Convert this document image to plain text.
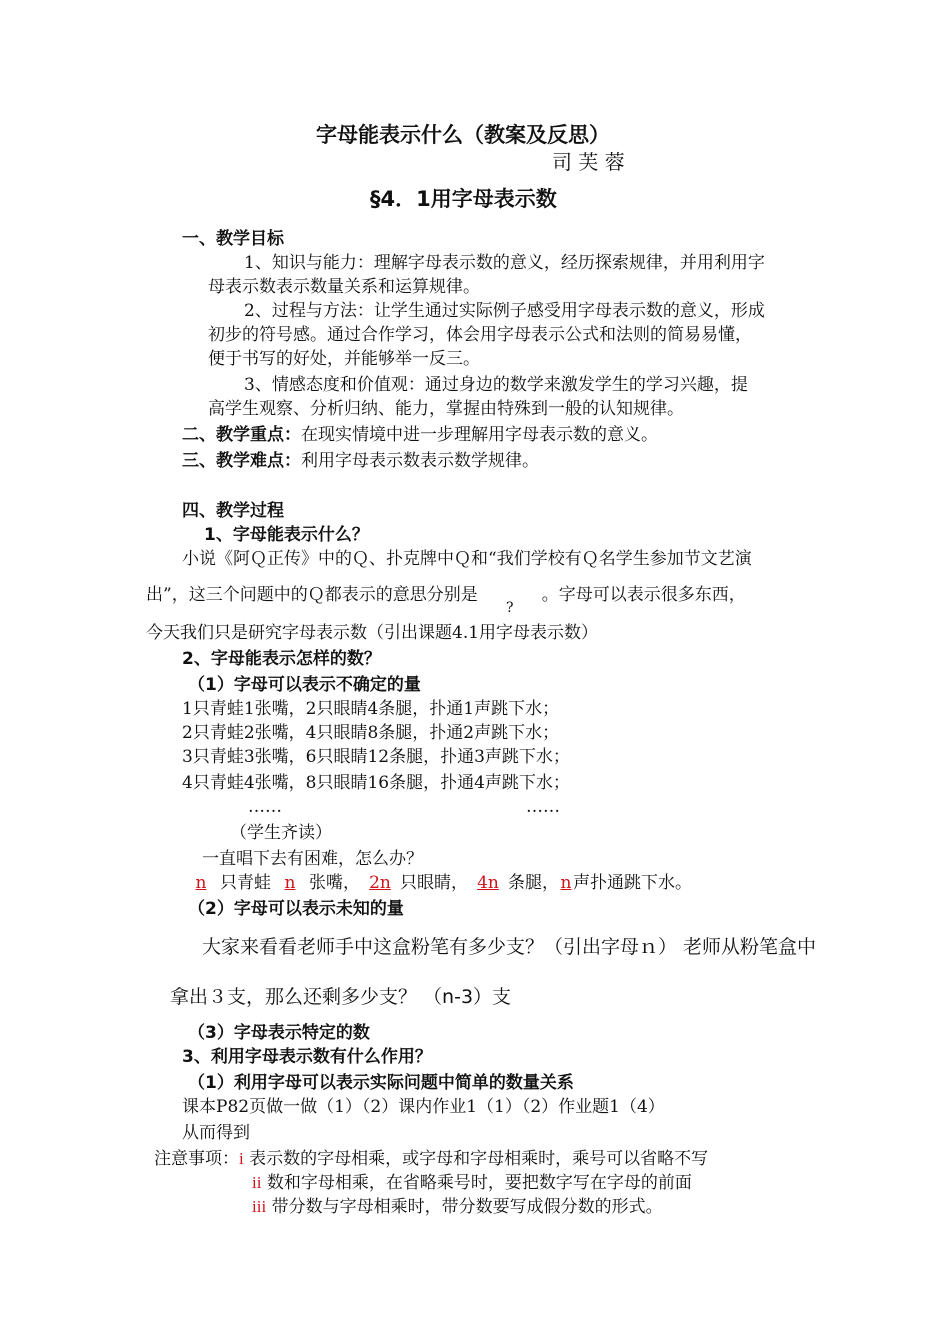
字母能表示什么（教案及反思）
司 芙 蓉
§4．1用字母表示数
一、教学目标
1、知识与能力：理解字母表示数的意义，经历探索规律，并用利用字
母表示数表示数量关系和运算规律。
2、过程与方法：让学生通过实际例子感受用字母表示数的意义，形成
初步的符号感。通过合作学习，体会用字母表示公式和法则的简易易懂，
便于书写的好处，并能够举一反三。
3、情感态度和价值观：通过身边的数学来激发学生的学习兴趣，提
高学生观察、分析归纳、能力，掌握由特殊到一般的认知规律。
二、教学重点：在现实情境中进一步理解用字母表示数的意义。
三、教学难点：利用字母表示数表示数学规律。
四、教学过程
1、字母能表示什么？
小说《阿Ｑ正传》中的Ｑ、扑克牌中Ｑ和“我们学校有Ｑ名学生参加节文艺演
出”，这三个问题中的Ｑ都表示的意思分别是?。字母可以表示很多东西，
今天我们只是研究字母表示数（引出课题4.1用字母表示数）
2、字母能表示怎样的数？
（1）字母可以表示不确定的量
1只青蛙1张嘴，2只眼睛4条腿，扑通1声跳下水；
2只青蛙2张嘴，4只眼睛8条腿，扑通2声跳下水；
3只青蛙3张嘴，6只眼睛12条腿，扑通3声跳下水；
4只青蛙4张嘴，8只眼睛16条腿，扑通4声跳下水；
……	……
（学生齐读）
一直唱下去有困难，怎么办？
n 只青蛙 n 张嘴， 2n 只眼睛， 4n 条腿，n声扑通跳下水。
（2）字母可以表示未知的量
大家来看看老师手中这盒粉笔有多少支？（引出字母ｎ） 老师从粉笔盒中
拿出３支，那么还剩多少支？ （n-3）支
（3）字母表示特定的数
3、利用字母表示数有什么作用？
（1）利用字母可以表示实际问题中简单的数量关系
课本P82页做一做（1）（2）课内作业1（1）（2）作业题1（4）
从而得到
注意事项：i 表示数的字母相乘，或字母和字母相乘时，乘号可以省略不写
ii 数和字母相乘，在省略乘号时，要把数字写在字母的前面
iii 带分数与字母相乘时，带分数要写成假分数的形式。
